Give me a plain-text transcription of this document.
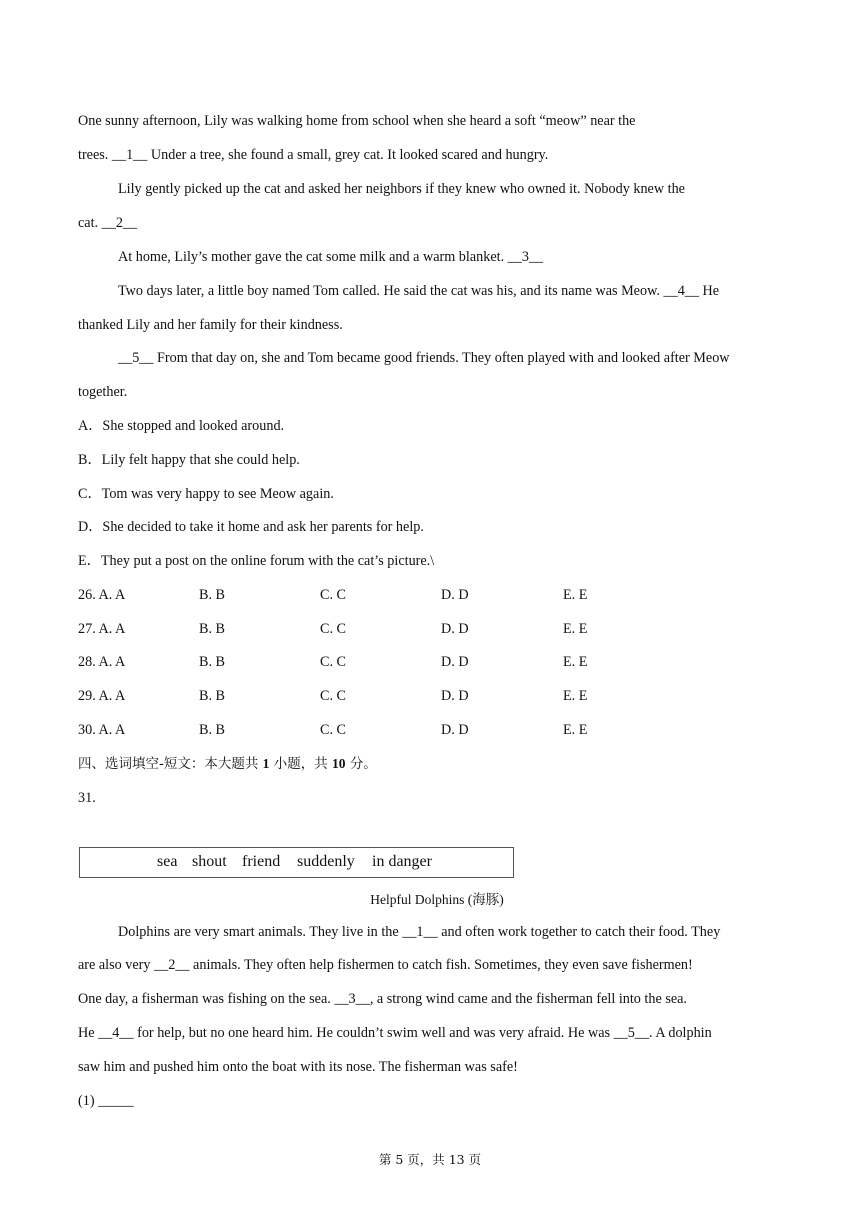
One sunny afternoon, Lily was walking home from school when she heard a soft “meow” near the
trees. __1__ Under a tree, she found a small, grey cat. It looked scared and hungry.
Lily gently picked up the cat and asked her neighbors if they knew who owned it. Nobody knew the
cat. __2__
At home, Lily’s mother gave the cat some milk and a warm blanket. __3__
Two days later, a little boy named Tom called. He said the cat was his, and its name was Meow. __4__ He
thanked Lily and her family for their kindness.
__5__ From that day on, she and Tom became good friends. They often played with and looked after Meow
together.
A．She stopped and looked around.
B．Lily felt happy that she could help.
C．Tom was very happy to see Meow again.
D．She decided to take it home and ask her parents for help.
E．They put a post on the online forum with the cat’s picture.\
26. A. A	B. B	C. C	D. D	E. E
27. A. A	B. B	C. C	D. D	E. E
28. A. A	B. B	C. C	D. D	E. E
29. A. A	B. B	C. C	D. D	E. E
30. A. A	B. B	C. C	D. D	E. E
四、选词填空-短文：本大题共 1 小题，共 10 分。
31.
sea shout friend suddenly in danger
Helpful Dolphins (海豚)
Dolphins are very smart animals. They live in the __1__ and often work together to catch their food. They
are also very __2__ animals. They often help fishermen to catch fish. Sometimes, they even save fishermen!
One day, a fisherman was fishing on the sea. __3__, a strong wind came and the fisherman fell into the sea.
He __4__ for help, but no one heard him. He couldn’t swim well and was very afraid. He was __5__. A dolphin
saw him and pushed him onto the boat with its nose. The fisherman was safe!
(1) _____
第 5 页，共 13 页
